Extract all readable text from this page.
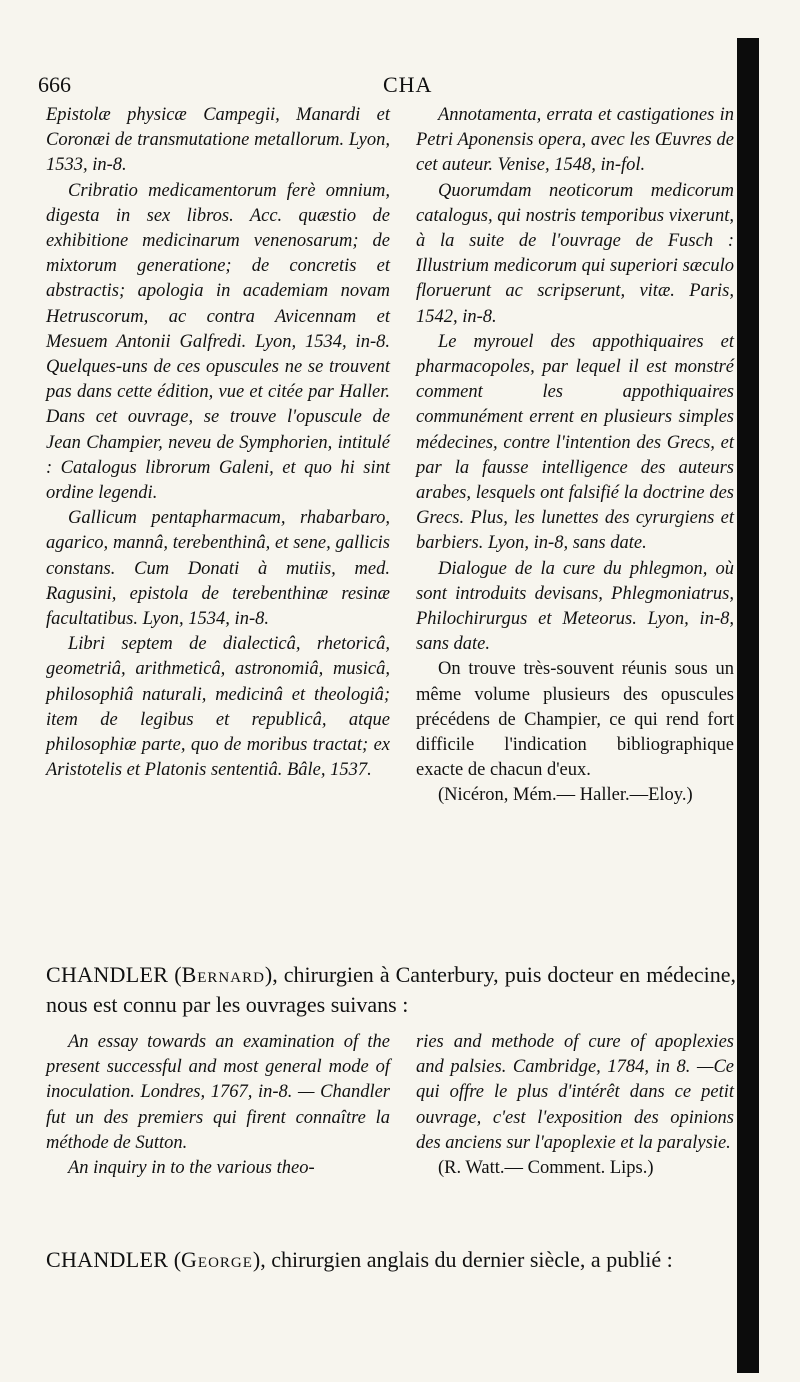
666	CHA

Epistolæ physicæ Campegii, Manardi et Coronæi de transmutatione metallorum. Lyon, 1533, in-8.

Cribratio medicamentorum ferè omnium, digesta in sex libros. Acc. quæstio de exhibitione medicinarum venenosarum; de mixtorum generatione; de concretis et abstractis; apologia in academiam novam Hetruscorum, ac contra Avicennam et Mesuem Antonii Galfredi. Lyon, 1534, in-8. Quelques-uns de ces opuscules ne se trouvent pas dans cette édition, vue et citée par Haller. Dans cet ouvrage, se trouve l'opuscule de Jean Champier, neveu de Symphorien, intitulé : Catalogus librorum Galeni, et quo hi sint ordine legendi.

Gallicum pentapharmacum, rhabarbaro, agarico, mannâ, terebenthinâ, et sene, gallicis constans. Cum Donati à mutiis, med. Ragusini, epistola de terebenthinæ resinæ facultatibus. Lyon, 1534, in-8.

Libri septem de dialecticâ, rhetoricâ, geometriâ, arithmeticâ, astronomiâ, musicâ, philosophiâ naturali, medicinâ et theologiâ; item de legibus et republicâ, atque philosophiæ parte, quo de moribus tractat; ex Aristotelis et Platonis sententiâ. Bâle, 1537.

Annotamenta, errata et castigationes in Petri Aponensis opera, avec les Œuvres de cet auteur. Venise, 1548, in-fol.

Quorumdam neoticorum medicorum catalogus, qui nostris temporibus vixerunt, à la suite de l'ouvrage de Fusch : Illustrium medicorum qui superiori sæculo floruerunt ac scripserunt, vitæ. Paris, 1542, in-8.

Le myrouel des appothiquaires et pharmacopoles, par lequel il est monstré comment les appothiquaires communément errent en plusieurs simples médecines, contre l'intention des Grecs, et par la fausse intelligence des auteurs arabes, lesquels ont falsifié la doctrine des Grecs. Plus, les lunettes des cyrurgiens et barbiers. Lyon, in-8, sans date.

Dialogue de la cure du phlegmon, où sont introduits devisans, Phlegmoniatrus, Philochirurgus et Meteorus. Lyon, in-8, sans date.

On trouve très-souvent réunis sous un même volume plusieurs des opuscules précédens de Champier, ce qui rend fort difficile l'indication bibliographique exacte de chacun d'eux.

(Nicéron, Mém.— Haller.—Eloy.)

CHANDLER (Bernard), chirurgien à Canterbury, puis docteur en médecine, nous est connu par les ouvrages suivans :

An essay towards an examination of the present successful and most general mode of inoculation. Londres, 1767, in-8. — Chandler fut un des premiers qui firent connaître la méthode de Sutton.

An inquiry in to the various theo-

ries and methode of cure of apoplexies and palsies. Cambridge, 1784, in 8. —Ce qui offre le plus d'intérêt dans ce petit ouvrage, c'est l'exposition des opinions des anciens sur l'apoplexie et la paralysie.

(R. Watt.— Comment. Lips.)

CHANDLER (George), chirurgien anglais du dernier siècle, a publié :
